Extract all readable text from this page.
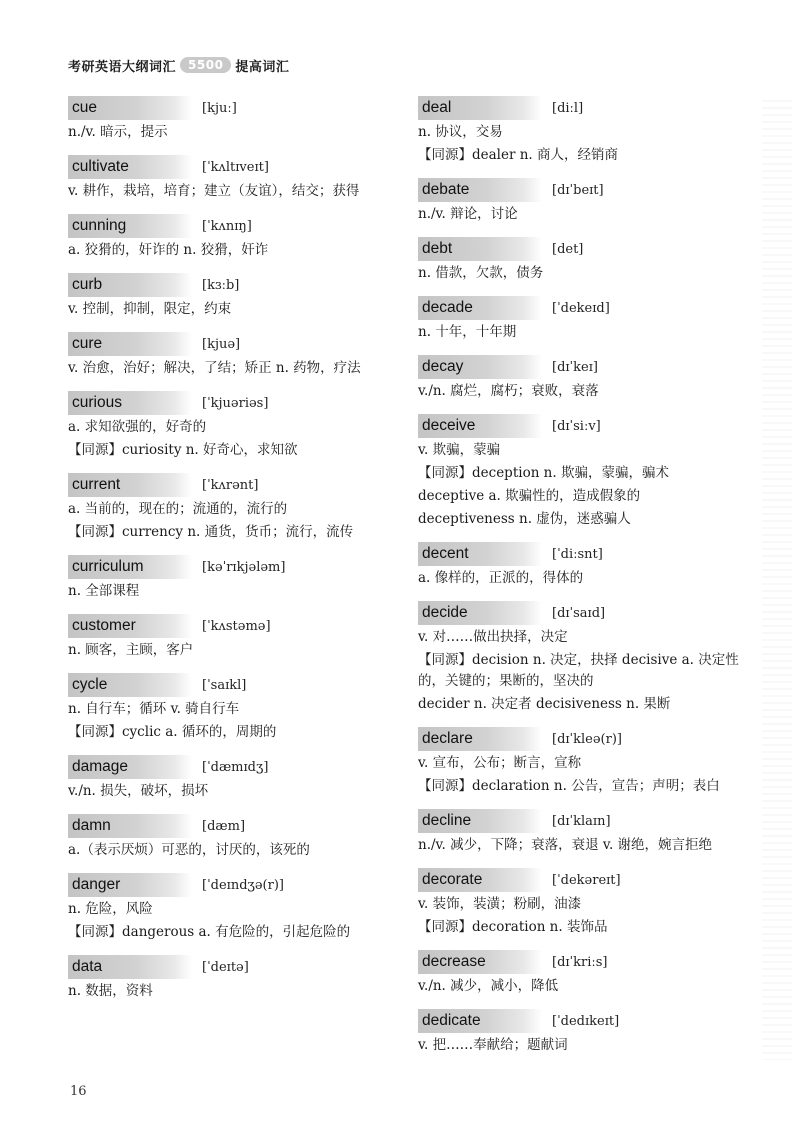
考研英语大纲词汇	5500 提高词汇
cue	[kjuː]
n./v. 暗示，提示
cultivate	[ˈkʌltɪveɪt]
v. 耕作，栽培，培育；建立（友谊），结交；获得
cunning	[ˈkʌnɪŋ]
a. 狡猾的，奸诈的 n. 狡猾，奸诈
curb	[kɜːb]
v. 控制，抑制，限定，约束
cure	[kjuə]
v. 治愈，治好；解决，了结；矫正 n. 药物，疗法
curious	[ˈkjuəriəs]
a. 求知欲强的，好奇的
【同源】curiosity n. 好奇心，求知欲
current	[ˈkʌrənt]
a. 当前的，现在的；流通的，流行的
【同源】currency n. 通货，货币；流行，流传
curriculum	[kəˈrɪkjələm]
n. 全部课程
customer	[ˈkʌstəmə]
n. 顾客，主顾，客户
cycle	[ˈsaɪkl]
n. 自行车；循环 v. 骑自行车
【同源】cyclic a. 循环的，周期的
damage	[ˈdæmɪdʒ]
v./n. 损失，破坏，损坏
damn	[dæm]
a.（表示厌烦）可恶的，讨厌的，该死的
danger	[ˈdeɪndʒə(r)]
n. 危险，风险
【同源】dangerous a. 有危险的，引起危险的
data	[ˈdeɪtə]
n. 数据，资料
deal	[diːl]
n. 协议，交易
【同源】dealer n. 商人，经销商
debate	[dɪˈbeɪt]
n./v. 辩论，讨论
debt	[det]
n. 借款，欠款，债务
decade	[ˈdekeɪd]
n. 十年，十年期
decay	[dɪˈkeɪ]
v./n. 腐烂，腐朽；衰败，衰落
deceive	[dɪˈsiːv]
v. 欺骗，蒙骗
【同源】deception n. 欺骗，蒙骗，骗术
deceptive a. 欺骗性的，造成假象的
deceptiveness n. 虚伪，迷惑骗人
decent	[ˈdiːsnt]
a. 像样的，正派的，得体的
decide	[dɪˈsaɪd]
v. 对……做出抉择，决定
【同源】decision n. 决定，抉择 decisive a. 决定性的，关键的；果断的，坚决的
decider n. 决定者 decisiveness n. 果断
declare	[dɪˈkleə(r)]
v. 宣布，公布；断言，宣称
【同源】declaration n. 公告，宣告；声明；表白
decline	[dɪˈklaɪn]
n./v. 减少，下降；衰落，衰退 v. 谢绝，婉言拒绝
decorate	[ˈdekəreɪt]
v. 装饰，装潢；粉刷，油漆
【同源】decoration n. 装饰品
decrease	[dɪˈkriːs]
v./n. 减少，减小，降低
dedicate	[ˈdedɪkeɪt]
v. 把……奉献给；题献词
16
